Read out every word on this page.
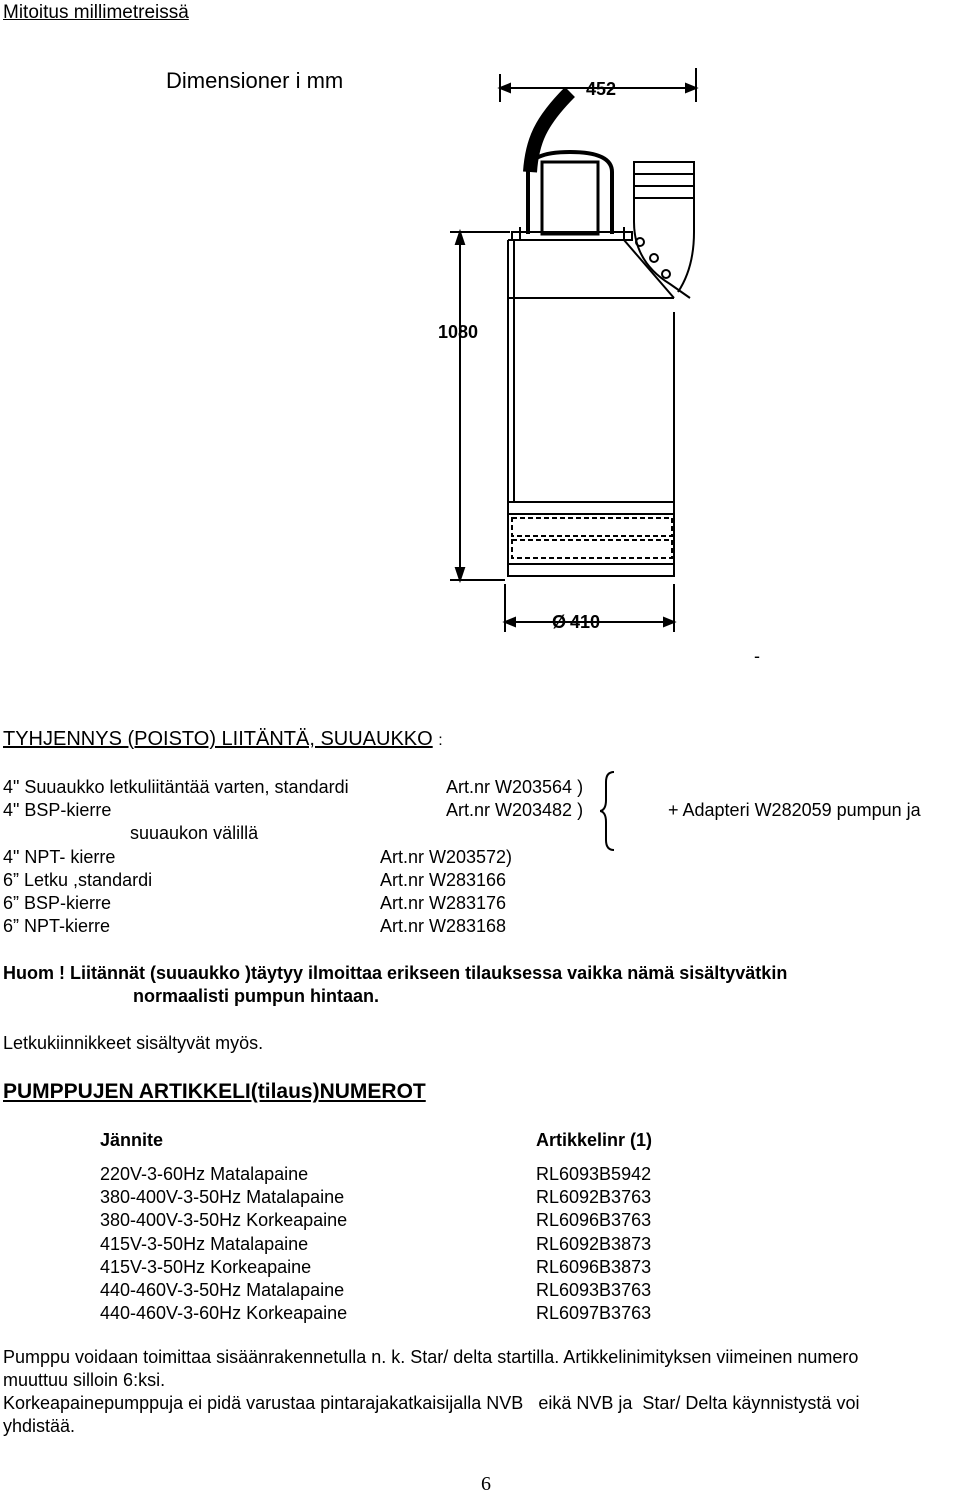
Mitoitus millimetreissä
Dimensioner i mm	452
1080
Ø 410
-
TYHJENNYS (POISTO) LIITÄNTÄ, SUUAUKKO :
4" Suuaukko letkuliitäntää varten, standardi	Art.nr W203564 )
4" BSP-kierre	Art.nr W203482 )
suuaukon välillä
4" NPT- kierre	Art.nr W203572)
6” Letku ,standardi	Art.nr W283166
6” BSP-kierre	Art.nr W283176
6” NPT-kierre	Art.nr W283168
+ Adapteri W282059 pumpun ja
Huom ! Liitännät (suuaukko )täytyy ilmoittaa erikseen tilauksessa vaikka nämä sisältyvätkin
normaalisti pumpun hintaan.
Letkukiinnikkeet sisältyvät myös.
PUMPPUJEN ARTIKKELI(tilaus)NUMEROT
Jännite	Artikkelinr (1)
220V-3-60Hz Matalapaine	RL6093B5942
380-400V-3-50Hz Matalapaine	RL6092B3763
380-400V-3-50Hz Korkeapaine	RL6096B3763
415V-3-50Hz Matalapaine	RL6092B3873
415V-3-50Hz Korkeapaine	RL6096B3873
440-460V-3-50Hz Matalapaine	RL6093B3763
440-460V-3-60Hz Korkeapaine	RL6097B3763
Pumppu voidaan toimittaa sisäänrakennetulla n. k. Star/ delta startilla. Artikkelinimityksen viimeinen numero
muuttuu silloin 6:ksi.
Korkeapainepumppuja ei pidä varustaa pintarajakatkaisijalla NVB   eikä NVB ja  Star/ Delta käynnistystä voi
yhdistää.
6
